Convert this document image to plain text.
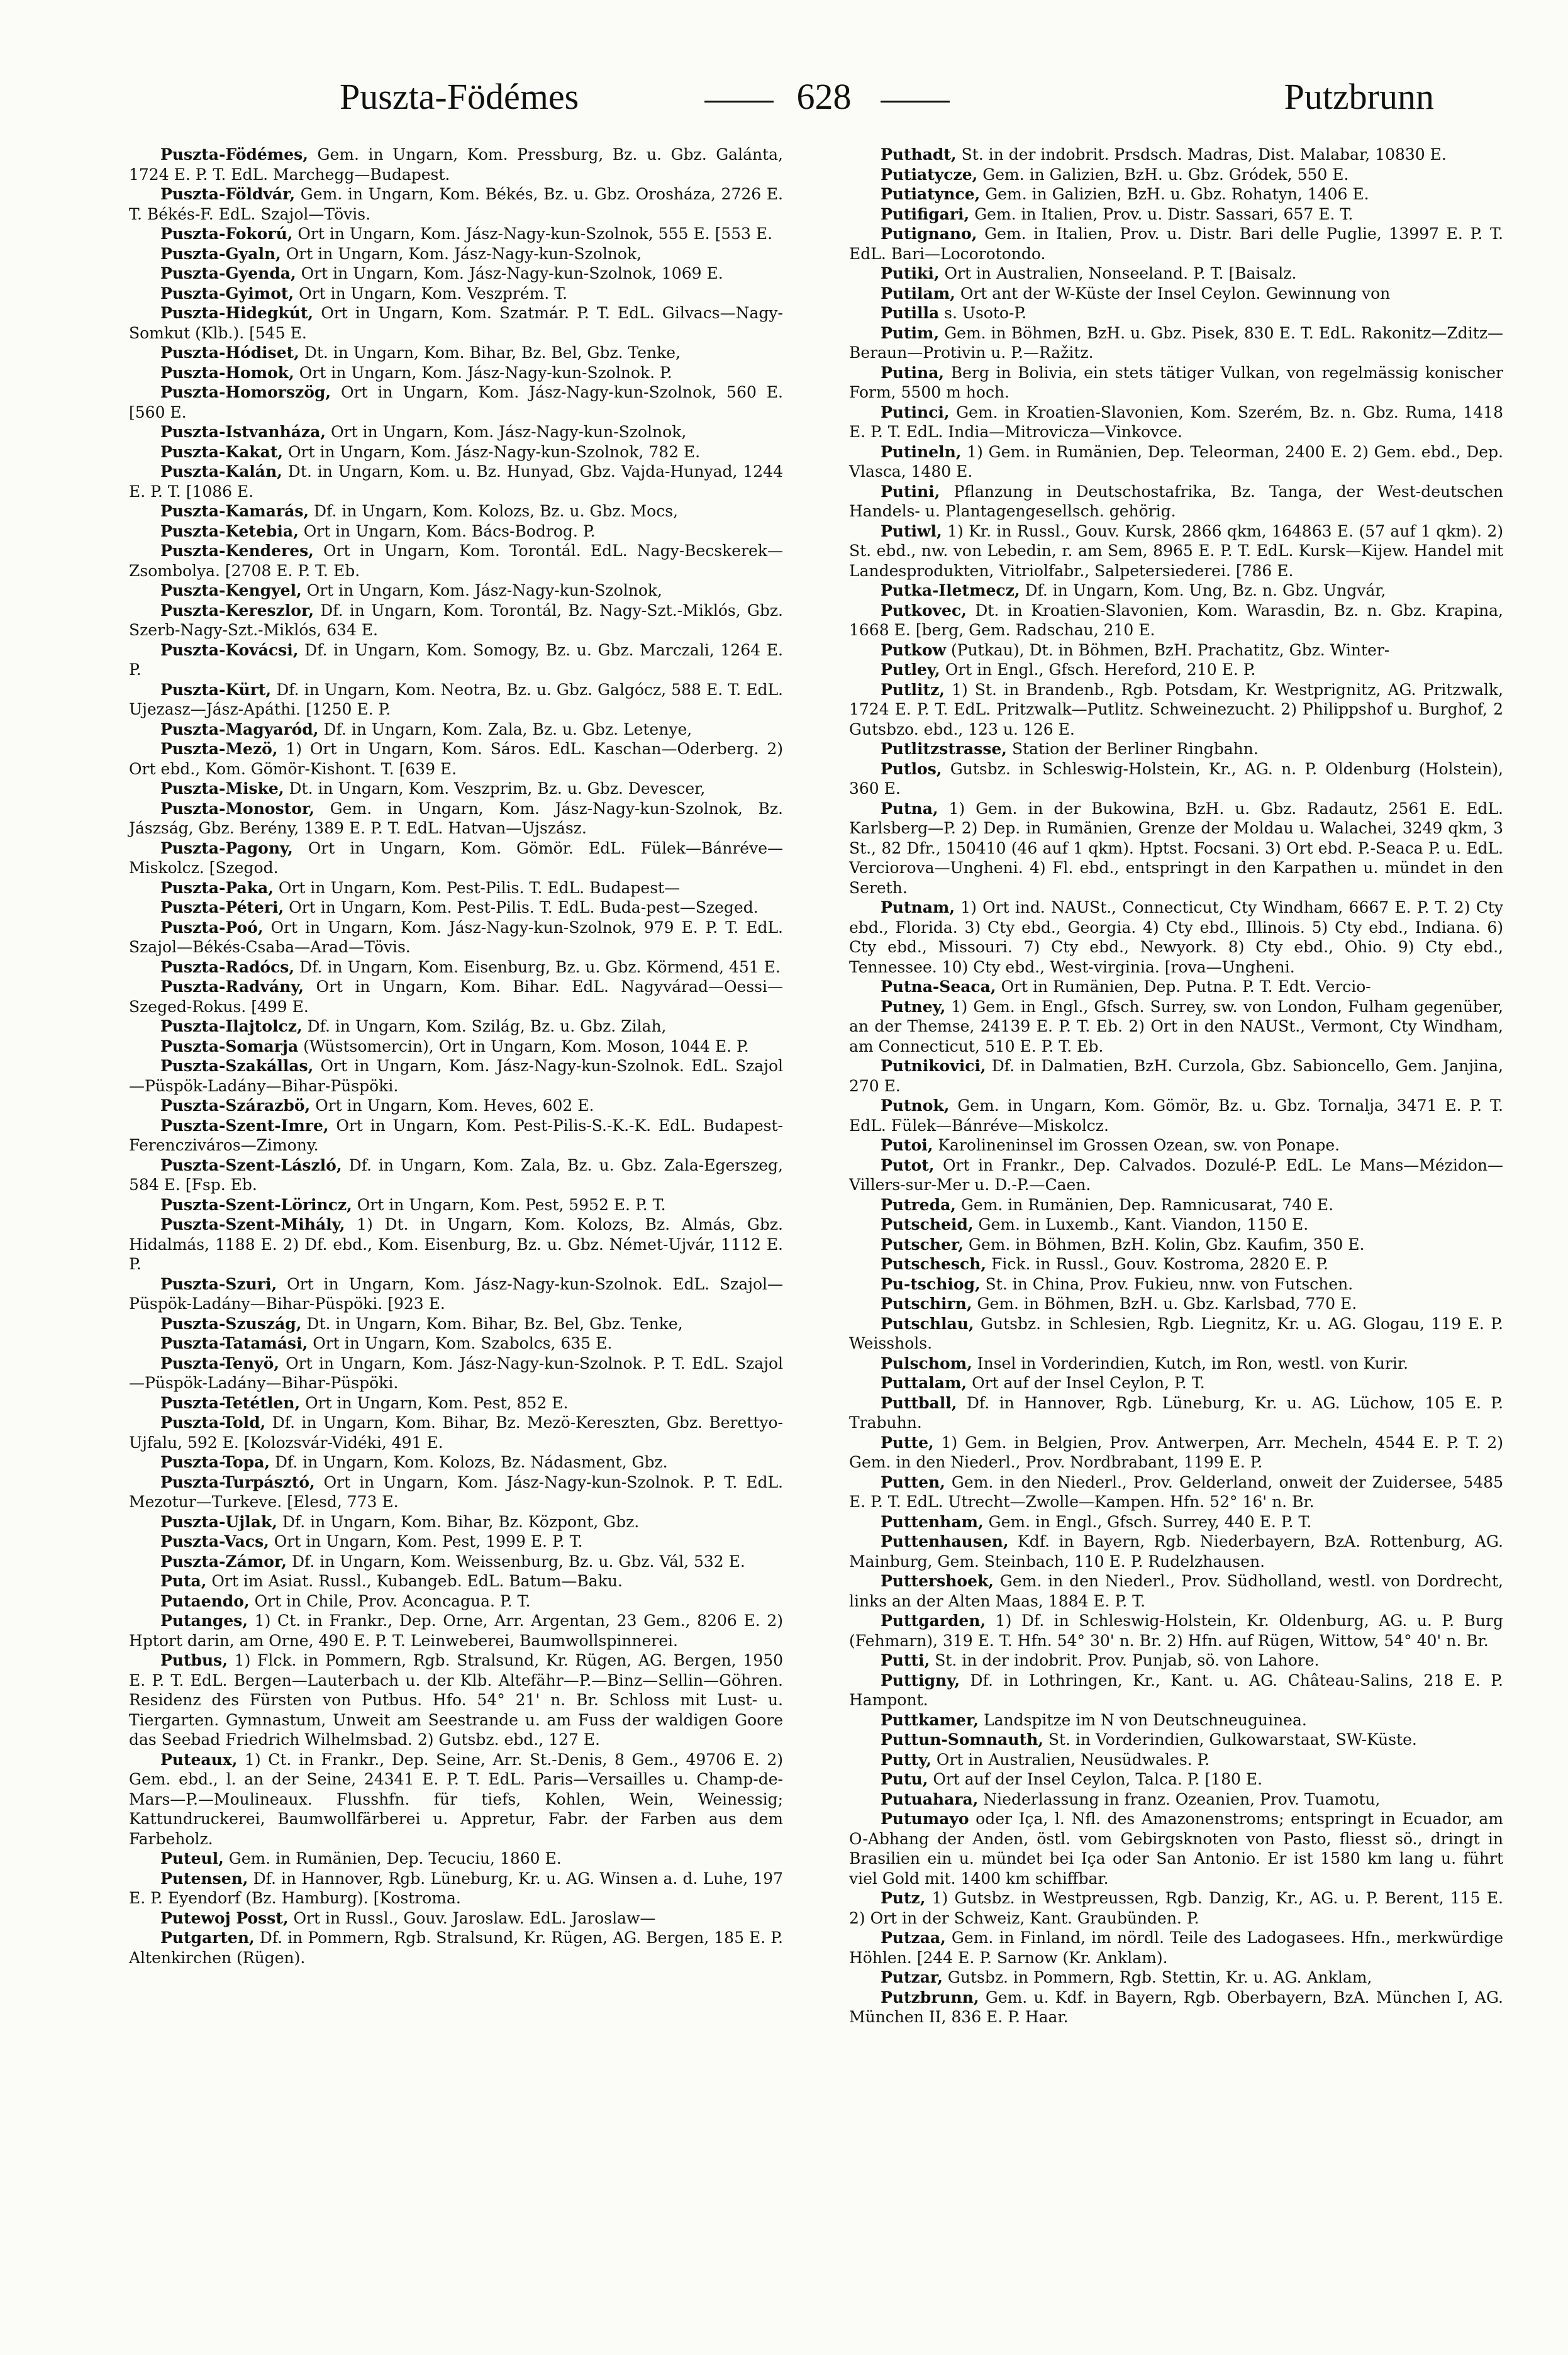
Puszta-Födémes	628	Putzbrunn

Puszta-Födémes, Gem. in Ungarn, Kom. Pressburg, Bz. u. Gbz. Galánta, 1724 E. P. T. EdL. Marchegg—Budapest.

Puszta-Földvár, Gem. in Ungarn, Kom. Békés, Bz. u. Gbz. Orosháza, 2726 E. T. Békés-F. EdL. Szajol—Tövis.

Puszta-Fokorú, Ort in Ungarn, Kom. Jász-Nagy-kun-Szolnok, 555 E. [553 E.

Puszta-Gyaln, Ort in Ungarn, Kom. Jász-Nagy-kun-Szolnok,

Puszta-Gyenda, Ort in Ungarn, Kom. Jász-Nagy-kun-Szolnok, 1069 E.

Puszta-Gyimot, Ort in Ungarn, Kom. Veszprém. T.

Puszta-Hidegkút, Ort in Ungarn, Kom. Szatmár. P. T. EdL. Gilvacs—Nagy-Somkut (Klb.). [545 E.

Puszta-Hódiset, Dt. in Ungarn, Kom. Bihar, Bz. Bel, Gbz. Tenke,

Puszta-Homok, Ort in Ungarn, Kom. Jász-Nagy-kun-Szolnok. P.

Puszta-Homorszög, Ort in Ungarn, Kom. Jász-Nagy-kun-Szolnok, 560 E. [560 E.

Puszta-Istvanháza, Ort in Ungarn, Kom. Jász-Nagy-kun-Szolnok,

Puszta-Kakat, Ort in Ungarn, Kom. Jász-Nagy-kun-Szolnok, 782 E.

Puszta-Kalán, Dt. in Ungarn, Kom. u. Bz. Hunyad, Gbz. Vajda-Hunyad, 1244 E. P. T. [1086 E.

Puszta-Kamarás, Df. in Ungarn, Kom. Kolozs, Bz. u. Gbz. Mocs,

Puszta-Ketebia, Ort in Ungarn, Kom. Bács-Bodrog. P.

Puszta-Kenderes, Ort in Ungarn, Kom. Torontál. EdL. Nagy-Becskerek—Zsombolya. [2708 E. P. T. Eb.

Puszta-Kengyel, Ort in Ungarn, Kom. Jász-Nagy-kun-Szolnok,

Puszta-Kereszlor, Df. in Ungarn, Kom. Torontál, Bz. Nagy-Szt.-Miklós, Gbz. Szerb-Nagy-Szt.-Miklós, 634 E.

Puszta-Kovácsi, Df. in Ungarn, Kom. Somogy, Bz. u. Gbz. Marczali, 1264 E. P.

Puszta-Kürt, Df. in Ungarn, Kom. Neotra, Bz. u. Gbz. Galgócz, 588 E. T. EdL. Ujezasz—Jász-Apáthi. [1250 E. P.

Puszta-Magyaród, Df. in Ungarn, Kom. Zala, Bz. u. Gbz. Letenye,

Puszta-Mezö, 1) Ort in Ungarn, Kom. Sáros. EdL. Kaschan—Oderberg. 2) Ort ebd., Kom. Gömör-Kishont. T. [639 E.

Puszta-Miske, Dt. in Ungarn, Kom. Veszprim, Bz. u. Gbz. Devescer,

Puszta-Monostor, Gem. in Ungarn, Kom. Jász-Nagy-kun-Szolnok, Bz. Jászság, Gbz. Berény, 1389 E. P. T. EdL. Hatvan—Ujszász.

Puszta-Pagony, Ort in Ungarn, Kom. Gömör. EdL. Fülek—Bánréve—Miskolcz. [Szegod.

Puszta-Paka, Ort in Ungarn, Kom. Pest-Pilis. T. EdL. Budapest—

Puszta-Péteri, Ort in Ungarn, Kom. Pest-Pilis. T. EdL. Buda-pest—Szeged.

Puszta-Poó, Ort in Ungarn, Kom. Jász-Nagy-kun-Szolnok, 979 E. P. T. EdL. Szajol—Békés-Csaba—Arad—Tövis.

Puszta-Radócs, Df. in Ungarn, Kom. Eisenburg, Bz. u. Gbz. Körmend, 451 E.

Puszta-Radvány, Ort in Ungarn, Kom. Bihar. EdL. Nagyvárad—Oessi—Szeged-Rokus. [499 E.

Puszta-Ilajtolcz, Df. in Ungarn, Kom. Szilág, Bz. u. Gbz. Zilah,

Puszta-Somarja (Wüstsomercin), Ort in Ungarn, Kom. Moson, 1044 E. P.

Puszta-Szakállas, Ort in Ungarn, Kom. Jász-Nagy-kun-Szolnok. EdL. Szajol—Püspök-Ladány—Bihar-Püspöki.

Puszta-Szárazbö, Ort in Ungarn, Kom. Heves, 602 E.

Puszta-Szent-Imre, Ort in Ungarn, Kom. Pest-Pilis-S.-K.-K. EdL. Budapest-Ferencziváros—Zimony.

Puszta-Szent-László, Df. in Ungarn, Kom. Zala, Bz. u. Gbz. Zala-Egerszeg, 584 E. [Fsp. Eb.

Puszta-Szent-Lörincz, Ort in Ungarn, Kom. Pest, 5952 E. P. T.

Puszta-Szent-Mihály, 1) Dt. in Ungarn, Kom. Kolozs, Bz. Almás, Gbz. Hidalmás, 1188 E. 2) Df. ebd., Kom. Eisenburg, Bz. u. Gbz. Német-Ujvár, 1112 E. P.

Puszta-Szuri, Ort in Ungarn, Kom. Jász-Nagy-kun-Szolnok. EdL. Szajol—Püspök-Ladány—Bihar-Püspöki. [923 E.

Puszta-Szuszág, Dt. in Ungarn, Kom. Bihar, Bz. Bel, Gbz. Tenke,

Puszta-Tatamási, Ort in Ungarn, Kom. Szabolcs, 635 E.

Puszta-Tenyö, Ort in Ungarn, Kom. Jász-Nagy-kun-Szolnok. P. T. EdL. Szajol—Püspök-Ladány—Bihar-Püspöki.

Puszta-Tetétlen, Ort in Ungarn, Kom. Pest, 852 E.

Puszta-Told, Df. in Ungarn, Kom. Bihar, Bz. Mezö-Kereszten, Gbz. Berettyo-Ujfalu, 592 E. [Kolozsvár-Vidéki, 491 E.

Puszta-Topa, Df. in Ungarn, Kom. Kolozs, Bz. Nádasment, Gbz.

Puszta-Turpásztó, Ort in Ungarn, Kom. Jász-Nagy-kun-Szolnok. P. T. EdL. Mezotur—Turkeve. [Elesd, 773 E.

Puszta-Ujlak, Df. in Ungarn, Kom. Bihar, Bz. Központ, Gbz.

Puszta-Vacs, Ort in Ungarn, Kom. Pest, 1999 E. P. T.

Puszta-Zámor, Df. in Ungarn, Kom. Weissenburg, Bz. u. Gbz. Vál, 532 E.

Puta, Ort im Asiat. Russl., Kubangeb. EdL. Batum—Baku.

Putaendo, Ort in Chile, Prov. Aconcagua. P. T.

Putanges, 1) Ct. in Frankr., Dep. Orne, Arr. Argentan, 23 Gem., 8206 E. 2) Hptort darin, am Orne, 490 E. P. T. Leinweberei, Baumwollspinnerei.

Putbus, 1) Flck. in Pommern, Rgb. Stralsund, Kr. Rügen, AG. Bergen, 1950 E. P. T. EdL. Bergen—Lauterbach u. der Klb. Altefähr—P.—Binz—Sellin—Göhren. Residenz des Fürsten von Putbus. Hfo. 54° 21' n. Br. Schloss mit Lust- u. Tiergarten. Gymnastum, Unweit am Seestrande u. am Fuss der waldigen Goore das Seebad Friedrich Wilhelmsbad. 2) Gutsbz. ebd., 127 E.

Puteaux, 1) Ct. in Frankr., Dep. Seine, Arr. St.-Denis, 8 Gem., 49706 E. 2) Gem. ebd., l. an der Seine, 24341 E. P. T. EdL. Paris—Versailles u. Champ-de-Mars—P.—Moulineaux. Flusshfn. für tiefs, Kohlen, Wein, Weinessig; Kattundruckerei, Baumwollfärberei u. Appretur, Fabr. der Farben aus dem Farbeholz.

Puteul, Gem. in Rumänien, Dep. Tecuciu, 1860 E.

Putensen, Df. in Hannover, Rgb. Lüneburg, Kr. u. AG. Winsen a. d. Luhe, 197 E. P. Eyendorf (Bz. Hamburg). [Kostroma.

Putewoj Posst, Ort in Russl., Gouv. Jaroslaw. EdL. Jaroslaw—

Putgarten, Df. in Pommern, Rgb. Stralsund, Kr. Rügen, AG. Bergen, 185 E. P. Altenkirchen (Rügen).

Puthadt, St. in der indobrit. Prsdsch. Madras, Dist. Malabar, 10830 E.

Putiatycze, Gem. in Galizien, BzH. u. Gbz. Gródek, 550 E.

Putiatynce, Gem. in Galizien, BzH. u. Gbz. Rohatyn, 1406 E.

Putifigari, Gem. in Italien, Prov. u. Distr. Sassari, 657 E. T.

Putignano, Gem. in Italien, Prov. u. Distr. Bari delle Puglie, 13997 E. P. T. EdL. Bari—Locorotondo.

Putiki, Ort in Australien, Nonseeland. P. T. [Baisalz.

Putilam, Ort ant der W-Küste der Insel Ceylon. Gewinnung von

Putilla s. Usoto-P.

Putim, Gem. in Böhmen, BzH. u. Gbz. Pisek, 830 E. T. EdL. Rakonitz—Zditz—Beraun—Protivin u. P.—Ražitz.

Putina, Berg in Bolivia, ein stets tätiger Vulkan, von regelmässig konischer Form, 5500 m hoch.

Putinci, Gem. in Kroatien-Slavonien, Kom. Szerém, Bz. n. Gbz. Ruma, 1418 E. P. T. EdL. India—Mitrovicza—Vinkovce.

Putineln, 1) Gem. in Rumänien, Dep. Teleorman, 2400 E. 2) Gem. ebd., Dep. Vlasca, 1480 E.

Putini, Pflanzung in Deutschostafrika, Bz. Tanga, der West-deutschen Handels- u. Plantagengesellsch. gehörig.

Putiwl, 1) Kr. in Russl., Gouv. Kursk, 2866 qkm, 164863 E. (57 auf 1 qkm). 2) St. ebd., nw. von Lebedin, r. am Sem, 8965 E. P. T. EdL. Kursk—Kijew. Handel mit Landesprodukten, Vitriolfabr., Salpetersiederei. [786 E.

Putka-Iletmecz, Df. in Ungarn, Kom. Ung, Bz. n. Gbz. Ungvár,

Putkovec, Dt. in Kroatien-Slavonien, Kom. Warasdin, Bz. n. Gbz. Krapina, 1668 E. [berg, Gem. Radschau, 210 E.

Putkow (Putkau), Dt. in Böhmen, BzH. Prachatitz, Gbz. Winter-

Putley, Ort in Engl., Gfsch. Hereford, 210 E. P.

Putlitz, 1) St. in Brandenb., Rgb. Potsdam, Kr. Westprignitz, AG. Pritzwalk, 1724 E. P. T. EdL. Pritzwalk—Putlitz. Schweinezucht. 2) Philippshof u. Burghof, 2 Gutsbzo. ebd., 123 u. 126 E.

Putlitzstrasse, Station der Berliner Ringbahn.

Putlos, Gutsbz. in Schleswig-Holstein, Kr., AG. n. P. Oldenburg (Holstein), 360 E.

Putna, 1) Gem. in der Bukowina, BzH. u. Gbz. Radautz, 2561 E. EdL. Karlsberg—P. 2) Dep. in Rumänien, Grenze der Moldau u. Walachei, 3249 qkm, 3 St., 82 Dfr., 150410 (46 auf 1 qkm). Hptst. Focsani. 3) Ort ebd. P.-Seaca P. u. EdL. Verciorova—Ungheni. 4) Fl. ebd., entspringt in den Karpathen u. mündet in den Sereth.

Putnam, 1) Ort ind. NAUSt., Connecticut, Cty Windham, 6667 E. P. T. 2) Cty ebd., Florida. 3) Cty ebd., Georgia. 4) Cty ebd., Illinois. 5) Cty ebd., Indiana. 6) Cty ebd., Missouri. 7) Cty ebd., Newyork. 8) Cty ebd., Ohio. 9) Cty ebd., Tennessee. 10) Cty ebd., West-virginia. [rova—Ungheni.

Putna-Seaca, Ort in Rumänien, Dep. Putna. P. T. Edt. Vercio-

Putney, 1) Gem. in Engl., Gfsch. Surrey, sw. von London, Fulham gegenüber, an der Themse, 24139 E. P. T. Eb. 2) Ort in den NAUSt., Vermont, Cty Windham, am Connecticut, 510 E. P. T. Eb.

Putnikovici, Df. in Dalmatien, BzH. Curzola, Gbz. Sabioncello, Gem. Janjina, 270 E.

Putnok, Gem. in Ungarn, Kom. Gömör, Bz. u. Gbz. Tornalja, 3471 E. P. T. EdL. Fülek—Bánréve—Miskolcz.

Putoi, Karolineninsel im Grossen Ozean, sw. von Ponape.

Putot, Ort in Frankr., Dep. Calvados. Dozulé-P. EdL. Le Mans—Mézidon—Villers-sur-Mer u. D.-P.—Caen.

Putreda, Gem. in Rumänien, Dep. Ramnicusarat, 740 E.

Putscheid, Gem. in Luxemb., Kant. Viandon, 1150 E.

Putscher, Gem. in Böhmen, BzH. Kolin, Gbz. Kaufim, 350 E.

Putschesch, Fick. in Russl., Gouv. Kostroma, 2820 E. P.

Pu-tschiog, St. in China, Prov. Fukieu, nnw. von Futschen.

Putschirn, Gem. in Böhmen, BzH. u. Gbz. Karlsbad, 770 E.

Putschlau, Gutsbz. in Schlesien, Rgb. Liegnitz, Kr. u. AG. Glogau, 119 E. P. Weisshols.

Pulschom, Insel in Vorderindien, Kutch, im Ron, westl. von Kurir.

Puttalam, Ort auf der Insel Ceylon, P. T.

Puttball, Df. in Hannover, Rgb. Lüneburg, Kr. u. AG. Lüchow, 105 E. P. Trabuhn.

Putte, 1) Gem. in Belgien, Prov. Antwerpen, Arr. Mecheln, 4544 E. P. T. 2) Gem. in den Niederl., Prov. Nordbrabant, 1199 E. P.

Putten, Gem. in den Niederl., Prov. Gelderland, onweit der Zuidersee, 5485 E. P. T. EdL. Utrecht—Zwolle—Kampen. Hfn. 52° 16' n. Br.

Puttenham, Gem. in Engl., Gfsch. Surrey, 440 E. P. T.

Puttenhausen, Kdf. in Bayern, Rgb. Niederbayern, BzA. Rottenburg, AG. Mainburg, Gem. Steinbach, 110 E. P. Rudelzhausen.

Puttershoek, Gem. in den Niederl., Prov. Südholland, westl. von Dordrecht, links an der Alten Maas, 1884 E. P. T.

Puttgarden, 1) Df. in Schleswig-Holstein, Kr. Oldenburg, AG. u. P. Burg (Fehmarn), 319 E. T. Hfn. 54° 30' n. Br. 2) Hfn. auf Rügen, Wittow, 54° 40' n. Br.

Putti, St. in der indobrit. Prov. Punjab, sö. von Lahore.

Puttigny, Df. in Lothringen, Kr., Kant. u. AG. Château-Salins, 218 E. P. Hampont.

Puttkamer, Landspitze im N von Deutschneuguinea.

Puttun-Somnauth, St. in Vorderindien, Gulkowarstaat, SW-Küste.

Putty, Ort in Australien, Neusüdwales. P.

Putu, Ort auf der Insel Ceylon, Talca. P. [180 E.

Putuahara, Niederlassung in franz. Ozeanien, Prov. Tuamotu,

Putumayo oder Iça, l. Nfl. des Amazonenstroms; entspringt in Ecuador, am O-Abhang der Anden, östl. vom Gebirgsknoten von Pasto, fliesst sö., dringt in Brasilien ein u. mündet bei Iça oder San Antonio. Er ist 1580 km lang u. führt viel Gold mit. 1400 km schiffbar.

Putz, 1) Gutsbz. in Westpreussen, Rgb. Danzig, Kr., AG. u. P. Berent, 115 E. 2) Ort in der Schweiz, Kant. Graubünden. P.

Putzaa, Gem. in Finland, im nördl. Teile des Ladogasees. Hfn., merkwürdige Höhlen. [244 E. P. Sarnow (Kr. Anklam).

Putzar, Gutsbz. in Pommern, Rgb. Stettin, Kr. u. AG. Anklam,

Putzbrunn, Gem. u. Kdf. in Bayern, Rgb. Oberbayern, BzA. München I, AG. München II, 836 E. P. Haar.
